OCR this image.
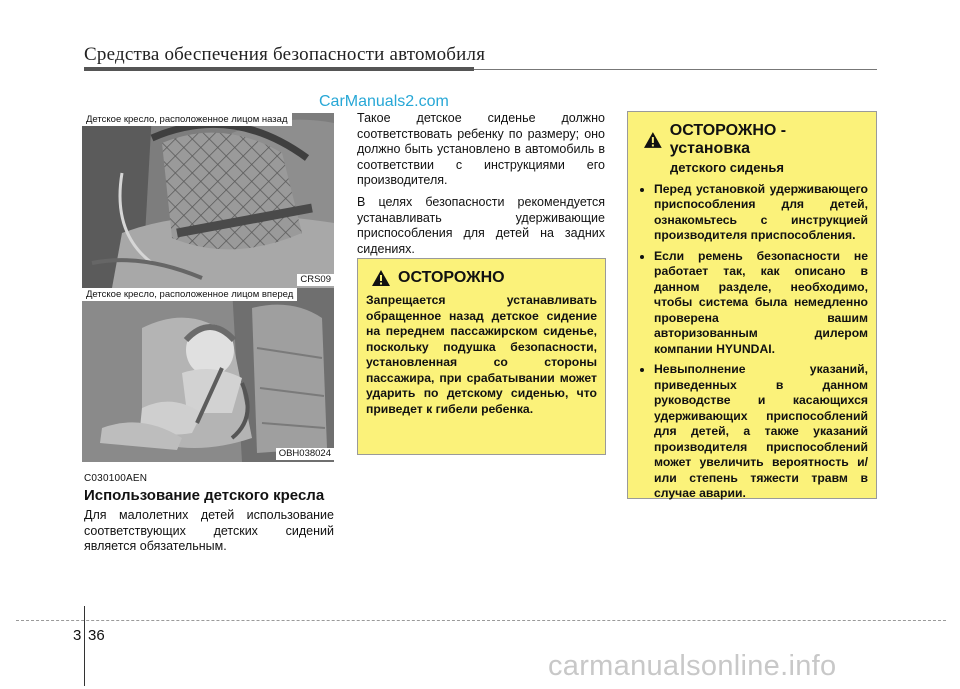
Средства обеспечения безопасности автомобиля
CarManuals2.com
Детское кресло, расположенное лицом назад
CRS09
Детское кресло, расположенное лицом вперед
OBH038024
C030100AEN
Использование детского кресла

Для малолетних детей использование соответствующих детских сидений является обязательным.

Такое детское сиденье должно соответствовать ребенку по размеру; оно должно быть установлено в автомобиль в соответствии с инструкциями его производителя.

В целях безопасности рекомендуется устанавливать удерживающие приспособления для детей на задних сидениях.

ОСТОРОЖНО
Запрещается устанавливать обращенное назад детское сидение на переднем пассажирском сиденье, поскольку подушка безопасности, установленная со стороны пассажира, при срабатывании может ударить по детскому сиденью, что приведет к гибели ребенка.
ОСТОРОЖНО - установка
детского сиденья
• Перед установкой удерживающего приспособления для детей, ознакомьтесь с инструкцией производителя приспособления.
• Если ремень безопасности не работает так, как описано в данном разделе, необходимо, чтобы система была немедленно проверена вашим авторизованным дилером компании HYUNDAI.
• Невыполнение указаний, приведенных в данном руководстве и касающихся удерживающих приспособлений для детей, а также указаний производителя приспособлений может увеличить вероятность и/или степень тяжести травм в случае аварии.
3 36
carmanualsonline.info
